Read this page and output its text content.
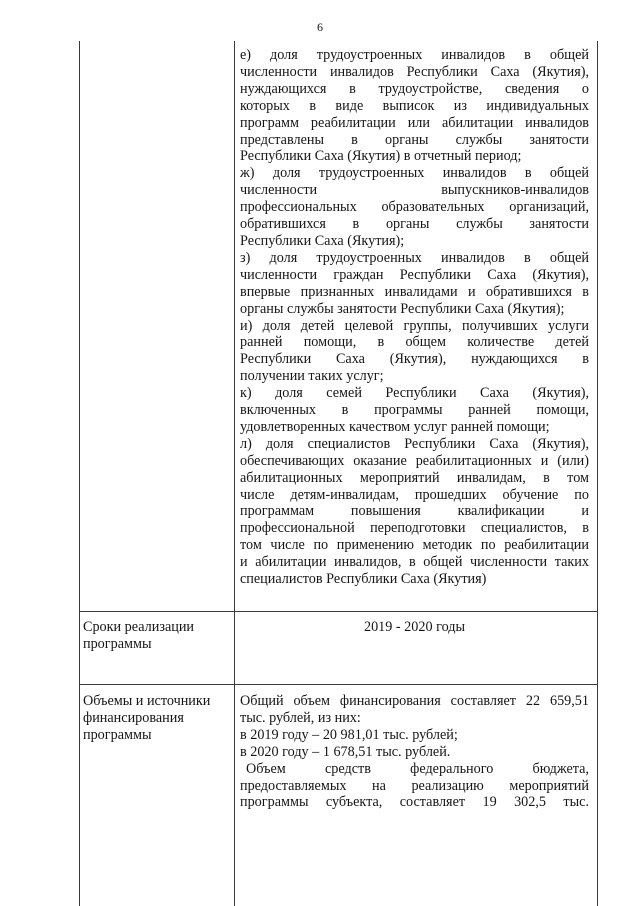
6
е) доля трудоустроенных инвалидов в общей
численности инвалидов Республики Саха (Якутия),
нуждающихся в трудоустройстве, сведения о
которых в виде выписок из индивидуальных
программ реабилитации или абилитации инвалидов
представлены в органы службы занятости
Республики Саха (Якутия) в отчетный период;
ж) доля трудоустроенных инвалидов в общей
численности выпускников-инвалидов
профессиональных образовательных организаций,
обратившихся в органы службы занятости
Республики Саха (Якутия);
з) доля трудоустроенных инвалидов в общей
численности граждан Республики Саха (Якутия),
впервые признанных инвалидами и обратившихся в
органы службы занятости Республики Саха (Якутия);
и) доля детей целевой группы, получивших услуги
ранней помощи, в общем количестве детей
Республики Саха (Якутия), нуждающихся в
получении таких услуг;
к) доля семей Республики Саха (Якутия),
включенных в программы ранней помощи,
удовлетворенных качеством услуг ранней помощи;
л) доля специалистов Республики Саха (Якутия),
обеспечивающих оказание реабилитационных и (или)
абилитационных мероприятий инвалидам, в том
числе детям-инвалидам, прошедших обучение по
программам повышения квалификации и
профессиональной переподготовки специалистов, в
том числе по применению методик по реабилитации
и абилитации инвалидов, в общей численности таких
специалистов Республики Саха (Якутия)
Сроки реализации
программы
2019 - 2020 годы
Объемы и источники
финансирования
программы
Общий объем финансирования составляет 22 659,51
тыс. рублей, из них:
в 2019 году – 20 981,01 тыс. рублей;
в 2020 году – 1 678,51 тыс. рублей.
Объем средств федерального бюджета,
предоставляемых на реализацию мероприятий
программы субъекта, составляет 19 302,5 тыс.
